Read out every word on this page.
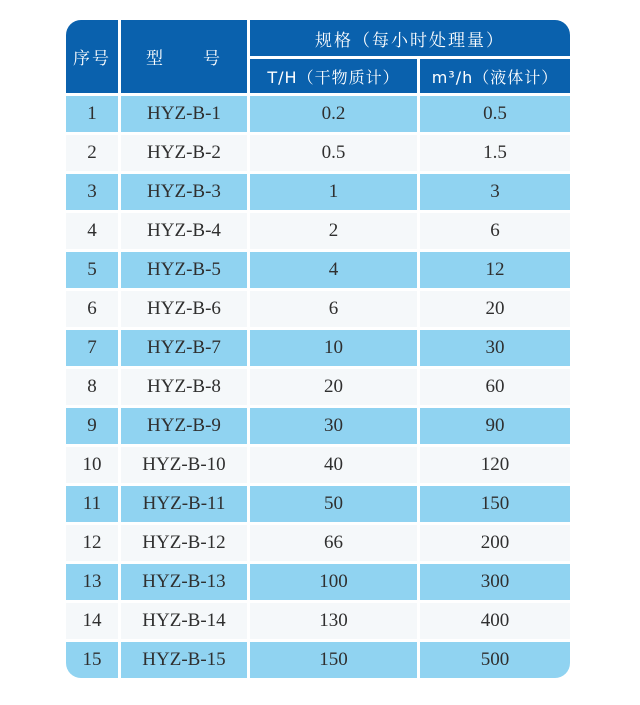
序号	型　　号	规格（每小时处理量）	
		T/H（干物质计）	m³/h（液体计）
1	HYZ-B-1	0.2	0.5
2	HYZ-B-2	0.5	1.5
3	HYZ-B-3	1	3
4	HYZ-B-4	2	6
5	HYZ-B-5	4	12
6	HYZ-B-6	6	20
7	HYZ-B-7	10	30
8	HYZ-B-8	20	60
9	HYZ-B-9	30	90
10	HYZ-B-10	40	120
11	HYZ-B-11	50	150
12	HYZ-B-12	66	200
13	HYZ-B-13	100	300
14	HYZ-B-14	130	400
15	HYZ-B-15	150	500
